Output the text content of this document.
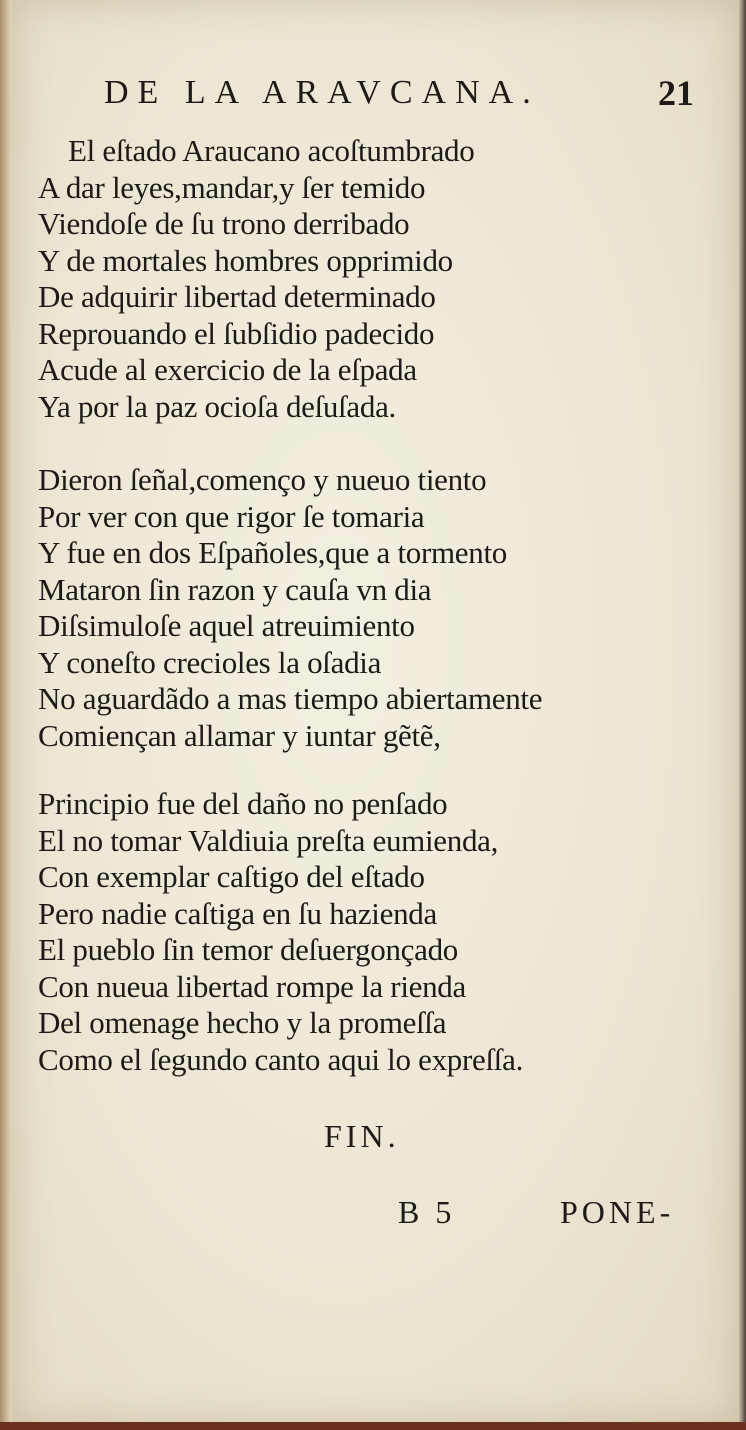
DE LA ARAVCANA.	21
El eſtado Araucano acoſtumbrado
A dar leyes,mandar,y ſer temido
Viendoſe de ſu trono derribado
Y de mortales hombres opprimido
De adquirir libertad determinado
Reprouando el ſubſidio padecido
Acude al exercicio de la eſpada
Ya por la paz ocioſa deſuſada.
Dieron ſeñal,començo y nueuo tiento
Por ver con que rigor ſe tomaria
Y fue en dos Eſpañoles,que a tormento
Mataron ſin razon y cauſa vn dia
Diſsimuloſe aquel atreuimiento
Y coneſto crecioles la oſadia
No aguardãdo a mas tiempo abiertamente
Comiençan allamar y iuntar gẽtẽ,
Principio fue del daño no penſado
El no tomar Valdiuia preſta eumienda,
Con exemplar caſtigo del eſtado
Pero nadie caſtiga en ſu hazienda
El pueblo ſin temor deſuergonçado
Con nueua libertad rompe la rienda
Del omenage hecho y la promeſſa
Como el ſegundo canto aqui lo expreſſa.
FIN.
B 5	PONE-
